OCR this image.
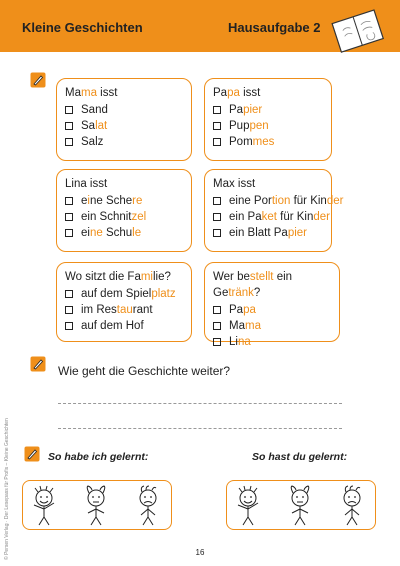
Kleine Geschichten	Hausaufgabe 2
© Persen Verlag · Der Lesepass für Profis – Kleine Geschichten
Mama isst
Sand
Salat
Salz
Papa isst
Papier
Puppen
Pommes
Lina isst
eine Schere
ein Schnitzel
eine Schule
Max isst
eine Portion für Kinder
ein Paket für Kinder
ein Blatt Papier
Wo sitzt die Familie?
auf dem Spielplatz
im Restaurant
auf dem Hof
Wer bestellt ein Getränk?
Papa
Mama
Lina
Wie geht die Geschichte weiter?
So habe ich gelernt:	So hast du gelernt:
16
